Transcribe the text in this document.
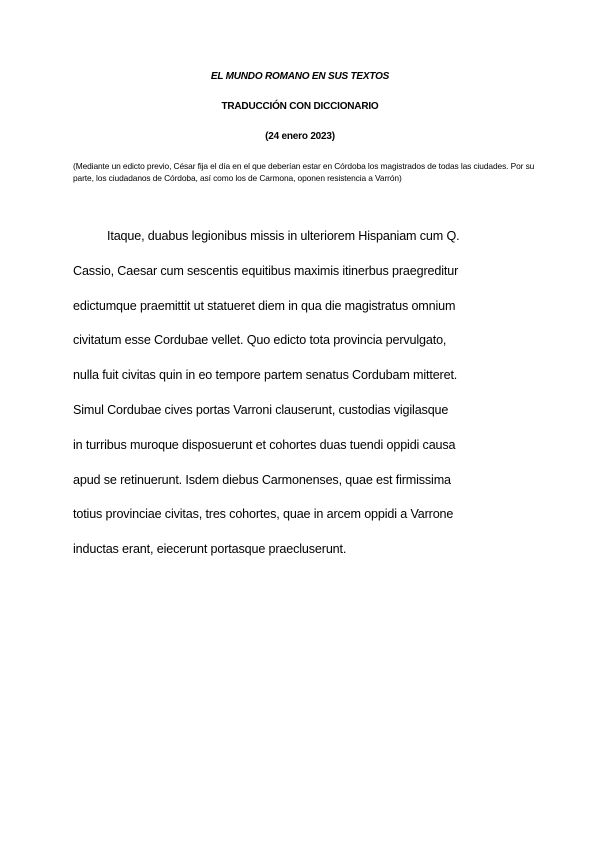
EL MUNDO ROMANO EN SUS TEXTOS
TRADUCCIÓN CON DICCIONARIO
(24 enero 2023)
(Mediante un edicto previo, César fija el día en el que deberían estar en Córdoba los magistrados de todas las ciudades. Por su parte, los ciudadanos de Córdoba, así como los de Carmona, oponen resistencia a Varrón)
Itaque, duabus legionibus missis in ulteriorem Hispaniam cum Q.
Cassio, Caesar cum sescentis equitibus maximis itinerbus praegreditur
edictumque praemittit ut statueret diem in qua die magistratus omnium
civitatum esse Cordubae vellet. Quo edicto tota provincia pervulgato,
nulla fuit civitas quin in eo tempore partem senatus Cordubam mitteret.
Simul Cordubae cives portas Varroni clauserunt, custodias vigilasque
in turribus muroque disposuerunt et cohortes duas tuendi oppidi causa
apud se retinuerunt. Isdem diebus Carmonenses, quae est firmissima
totius provinciae civitas, tres cohortes, quae in arcem oppidi a Varrone
inductas erant, eiecerunt portasque praecluserunt.
